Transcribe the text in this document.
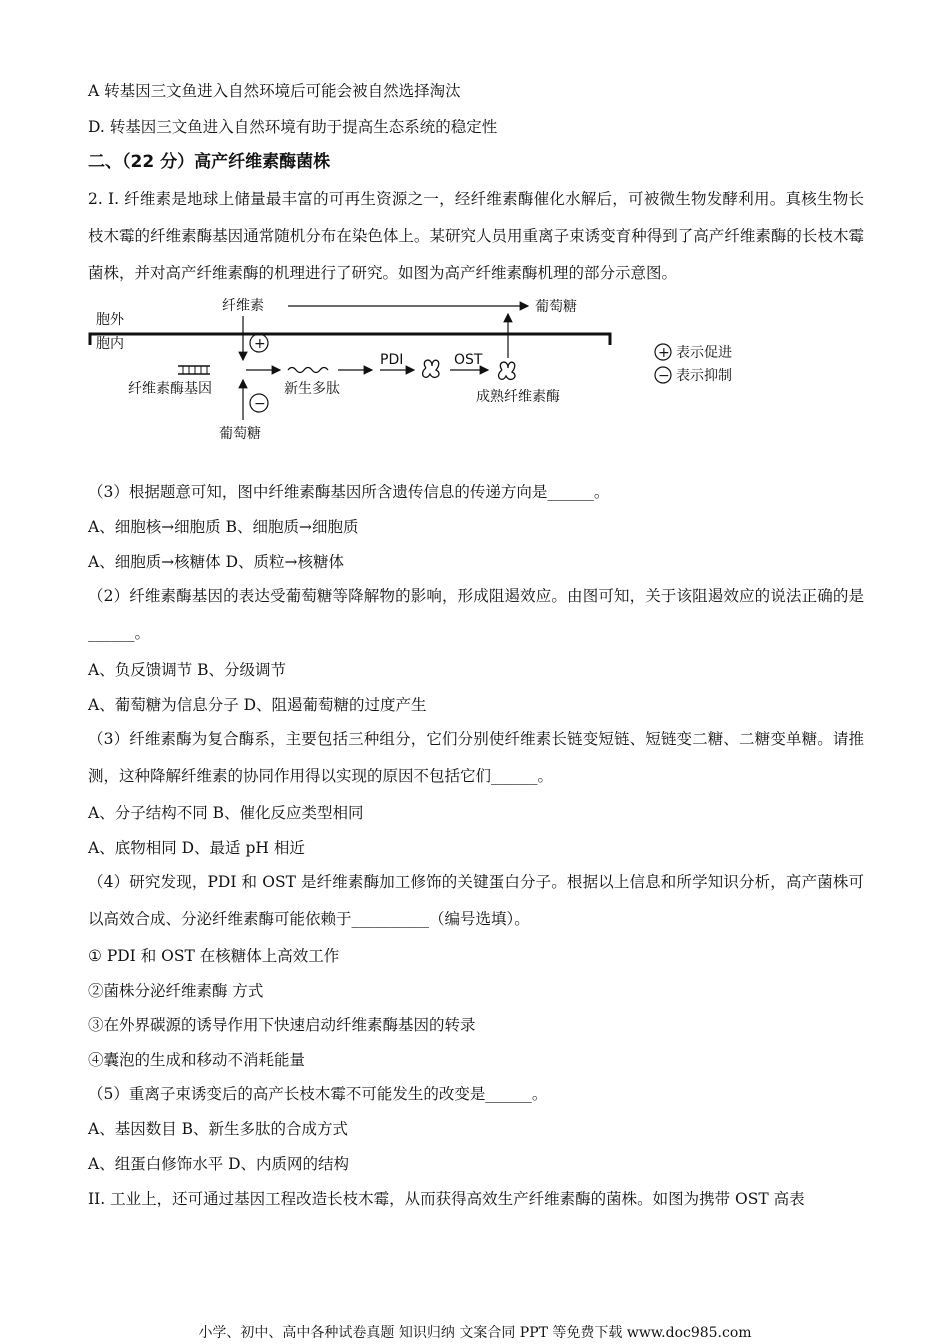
A 转基因三文鱼进入自然环境后可能会被自然选择淘汰
D. 转基因三文鱼进入自然环境有助于提高生态系统的稳定性
二、（22 分）高产纤维素酶菌株
2. I. 纤维素是地球上储量最丰富的可再生资源之一，经纤维素酶催化水解后，可被微生物发酵利用。真核生物长枝木霉的纤维素酶基因通常随机分布在染色体上。某研究人员用重离子束诱变育种得到了高产纤维素酶的长枝木霉菌株，并对高产纤维素酶的机理进行了研究。如图为高产纤维素酶机理的部分示意图。
胞外
胞内
纤维素	葡萄糖
+
纤维素酶基因	新生多肽
PDI	OST
成熟纤维素酶
−
葡萄糖
+ 表示促进
− 表示抑制
（3）根据题意可知，图中纤维素酶基因所含遗传信息的传递方向是______。
A、细胞核→细胞质 B、细胞质→细胞质
A、细胞质→核糖体 D、质粒→核糖体
（2）纤维素酶基因的表达受葡萄糖等降解物的影响，形成阻遏效应。由图可知，关于该阻遏效应的说法正确的是______。
A、负反馈调节 B、分级调节
A、葡萄糖为信息分子 D、阻遏葡萄糖的过度产生
（3）纤维素酶为复合酶系，主要包括三种组分，它们分别使纤维素长链变短链、短链变二糖、二糖变单糖。请推测，这种降解纤维素的协同作用得以实现的原因不包括它们______。
A、分子结构不同 B、催化反应类型相同
A、底物相同 D、最适 pH 相近
（4）研究发现，PDI 和 OST 是纤维素酶加工修饰的关键蛋白分子。根据以上信息和所学知识分析，高产菌株可以高效合成、分泌纤维素酶可能依赖于__________（编号选填）。
① PDI 和 OST 在核糖体上高效工作
②菌株分泌纤维素酶 方式
③在外界碳源的诱导作用下快速启动纤维素酶基因的转录
④囊泡的生成和移动不消耗能量
（5）重离子束诱变后的高产长枝木霉不可能发生的改变是______。
A、基因数目 B、新生多肽的合成方式
A、组蛋白修饰水平 D、内质网的结构
II. 工业上，还可通过基因工程改造长枝木霉，从而获得高效生产纤维素酶的菌株。如图为携带 OST 高表
小学、初中、高中各种试卷真题 知识归纳 文案合同 PPT 等免费下载 www.doc985.com
